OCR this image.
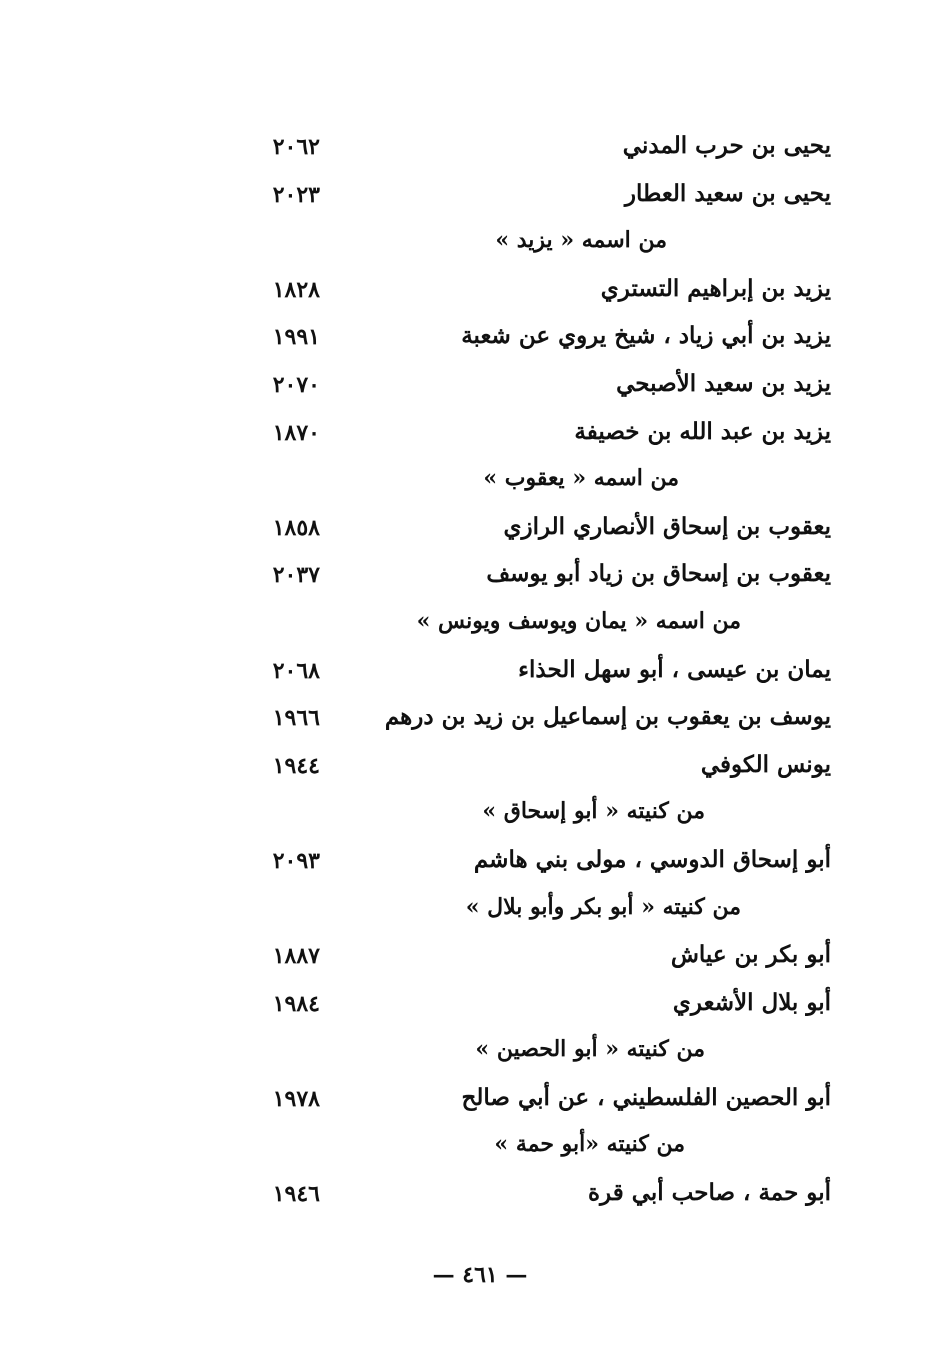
يحيى بن حرب المدني
٢٠٦٢
يحيى بن سعيد العطار
٢٠٢٣
من اسمه « يزيد »
يزيد بن إبراهيم التستري
١٨٢٨
يزيد بن أبي زياد ، شيخ يروي عن شعبة
١٩٩١
يزيد بن سعيد الأصبحي
٢٠٧٠
يزيد بن عبد الله بن خصيفة
١٨٧٠
من اسمه « يعقوب »
يعقوب بن إسحاق الأنصاري الرازي
١٨٥٨
يعقوب بن إسحاق بن زياد أبو يوسف
٢٠٣٧
من اسمه « يمان ويوسف ويونس »
يمان بن عيسى ، أبو سهل الحذاء
٢٠٦٨
يوسف بن يعقوب بن إسماعيل بن زيد بن درهم
١٩٦٦
يونس الكوفي
١٩٤٤
من كنيته « أبو إسحاق »
أبو إسحاق الدوسي ، مولى بني هاشم
٢٠٩٣
من كنيته « أبو بكر وأبو بلال »
أبو بكر بن عياش
١٨٨٧
أبو بلال الأشعري
١٩٨٤
من كنيته « أبو الحصين »
أبو الحصين الفلسطيني ، عن أبي صالح
١٩٧٨
من كنيته «أبو حمة »
أبو حمة ، صاحب أبي قرة
١٩٤٦
— ٤٦١ —
